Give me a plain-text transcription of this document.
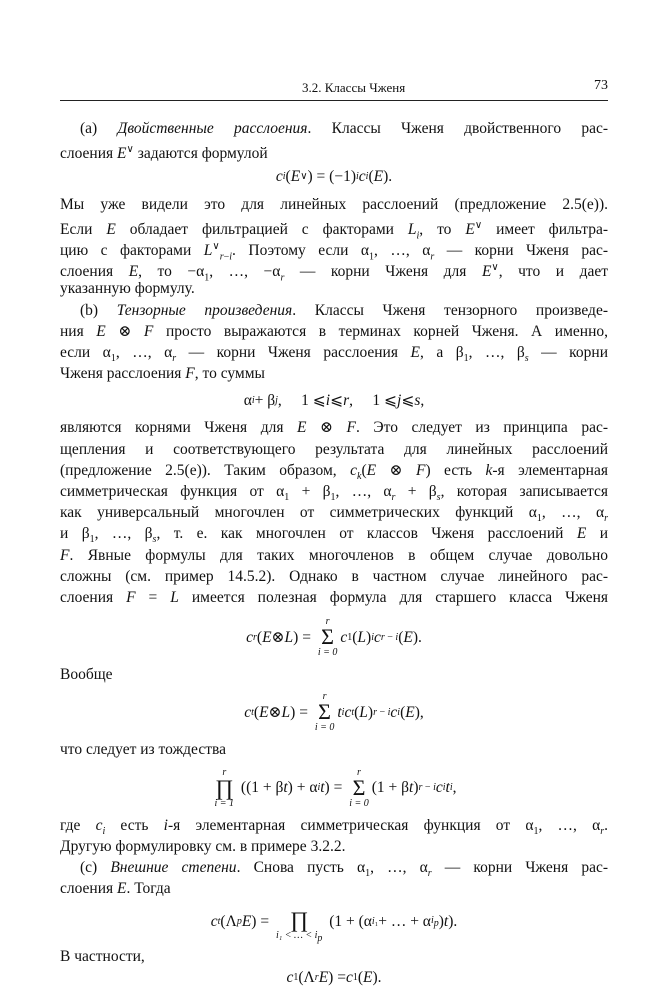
3.2. Классы Чженя	73
(a) Двойственные расслоения. Классы Чженя двойственного рас-
слоения E∨ задаются формулой
c i ( E ∨ ) = (−1) i c i ( E ).
Мы уже видели это для линейных расслоений (предложение 2.5(e)).
Если E обладает фильтрацией с факторами $L_i$, то E∨ имеет фильтра-
цию с факторами $L^\vee_{r-i}$. Поэтому если $\alpha_1$, …, $\alpha_r$ — корни Чженя рас-
слоения E, то $-\alpha_1$, …, $-\alpha_r$ — корни Чженя для E∨, что и дает
указанную формулу.
(b) Тензорные произведения. Классы Чженя тензорного произведе-
ния E ⊗ F просто выражаются в терминах корней Чженя. А именно,
если $\alpha_1$, …, $\alpha_r$ — корни Чженя расслоения E, а $\beta_1$, …, $\beta_s$ — корни
Чженя расслоения F, то суммы
α i + β j ,     1 ⩽ i ⩽ r ,     1 ⩽ j ⩽ s ,
являются корнями Чженя для E ⊗ F. Это следует из принципа рас-
щепления и соответствующего результата для линейных расслоений
(предложение 2.5(e)). Таким образом, $c_k(E$ ⊗ F) есть k-я элементарная
симметрическая функция от $\alpha_1 + \beta_1$, …, $\alpha_r + \beta_s$, которая записывается
как универсальный многочлен от симметрических функций $\alpha_1$, …, $\alpha_r$
и $\beta_1$, …, $\beta_s$, т. е. как многочлен от классов Чженя расслоений E и
F. Явные формулы для таких многочленов в общем случае довольно
сложны (см. пример 14.5.2). Однако в частном случае линейного рас-
слоения F = L имеется полезная формула для старшего класса Чженя
c r ( E ⊗ L ) =
r
Σ
i = 0
c 1 ( L ) i c r − i ( E ).
Вообще
c t ( E ⊗ L ) =
r
Σ
i = 0
t i c t ( L ) r − i c i ( E ),
что следует из тождества
r
∏
i = 1
((1 + β t ) + α i t ) =
r
Σ
i = 0
(1 + β t ) r − i c i t i ,
где $c_i$ есть i-я элементарная симметрическая функция от $\alpha_1$, …, $\alpha_r$.
Другую формулировку см. в примере 3.2.2.
(c) Внешние степени. Снова пусть $\alpha_1$, …, $\alpha_r$ — корни Чженя рас-
слоения E. Тогда
c t (Λ p E ) =
∏
i₁ < … < $i_p$
(1 + (α i₁ + … + α $i_p$ ) t ).
В частности,
c 1 (Λ r E ) = c 1 ( E ).
